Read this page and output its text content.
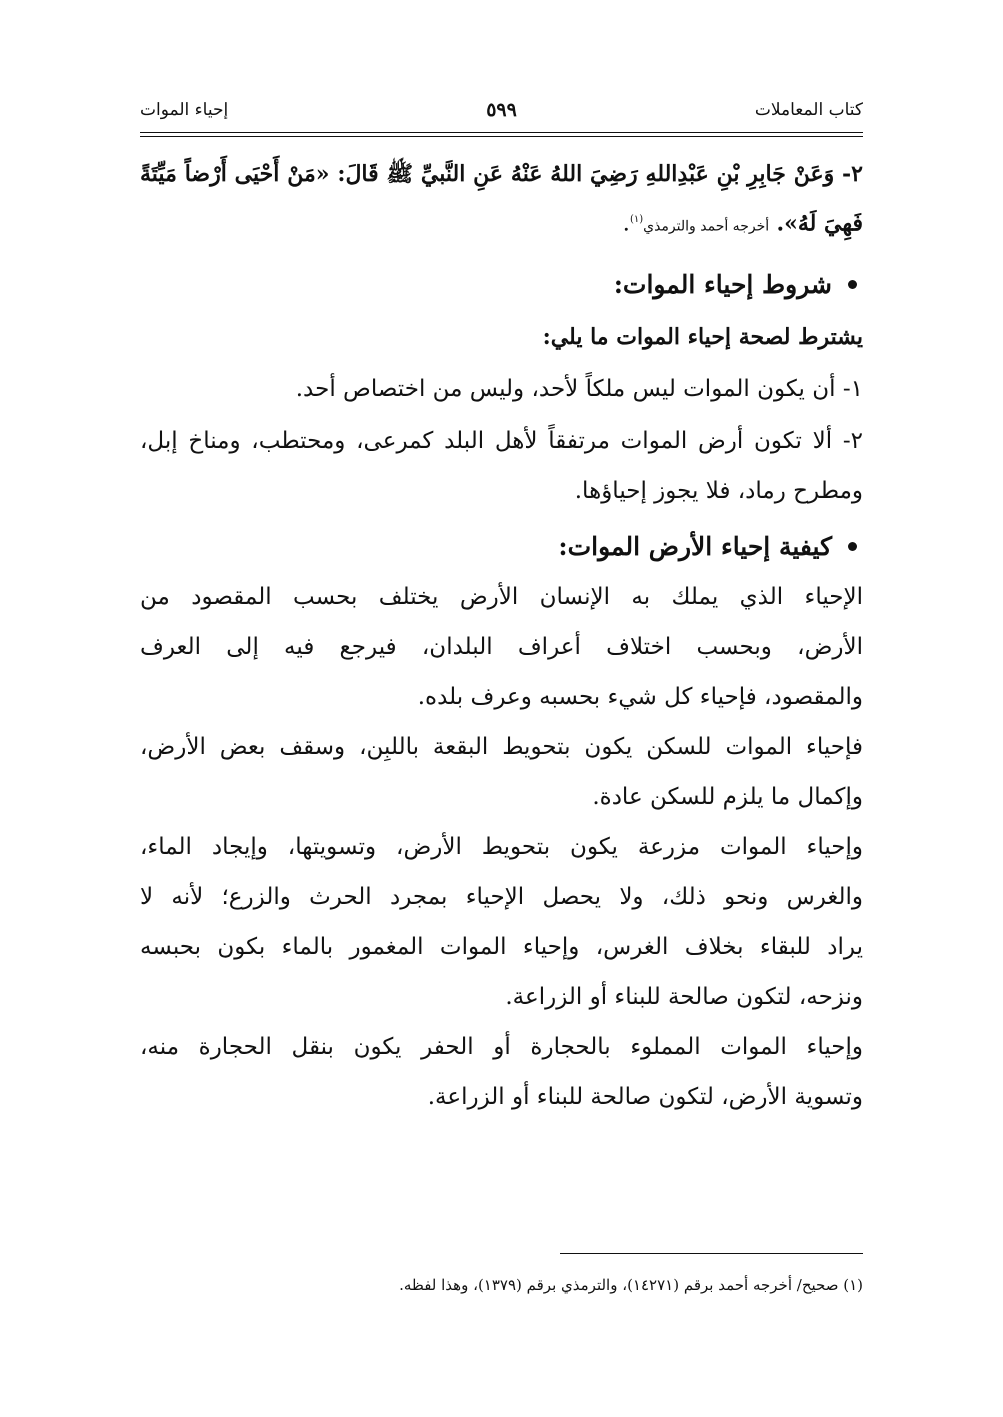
كتاب المعاملات
٥٩٩
إحياء الموات
٢- وَعَنْ جَابِرِ بْنِ عَبْدِاللهِ رَضِيَ اللهُ عَنْهُ عَنِ النَّبيِّ ﷺ قَالَ: «مَنْ أَحْيَى أَرْضاً مَيِّتَةً
فَهِيَ لَهُ». أخرجه أحمد والترمذي$^{(١)}$.
شروط إحياء الموات:
يشترط لصحة إحياء الموات ما يلي:
١- أن يكون الموات ليس ملكاً لأحد، وليس من اختصاص أحد.
٢- ألا تكون أرض الموات مرتفقاً لأهل البلد كمرعى، ومحتطب، ومناخ إبل،
ومطرح رماد، فلا يجوز إحياؤها.
كيفية إحياء الأرض الموات:
الإحياء الذي يملك به الإنسان الأرض يختلف بحسب المقصود من
الأرض، وبحسب اختلاف أعراف البلدان، فيرجع فيه إلى العرف
والمقصود، فإحياء كل شيء بحسبه وعرف بلده.
فإحياء الموات للسكن يكون بتحويط البقعة باللبِن، وسقف بعض الأرض،
وإكمال ما يلزم للسكن عادة.
وإحياء الموات مزرعة يكون بتحويط الأرض، وتسويتها، وإيجاد الماء،
والغرس ونحو ذلك، ولا يحصل الإحياء بمجرد الحرث والزرع؛ لأنه لا
يراد للبقاء بخلاف الغرس، وإحياء الموات المغمور بالماء بكون بحبسه
ونزحه، لتكون صالحة للبناء أو الزراعة.
وإحياء الموات المملوء بالحجارة أو الحفر يكون بنقل الحجارة منه،
وتسوية الأرض، لتكون صالحة للبناء أو الزراعة.
(١) صحيح/ أخرجه أحمد برقم (١٤٢٧١)، والترمذي برقم (١٣٧٩)، وهذا لفظه.
